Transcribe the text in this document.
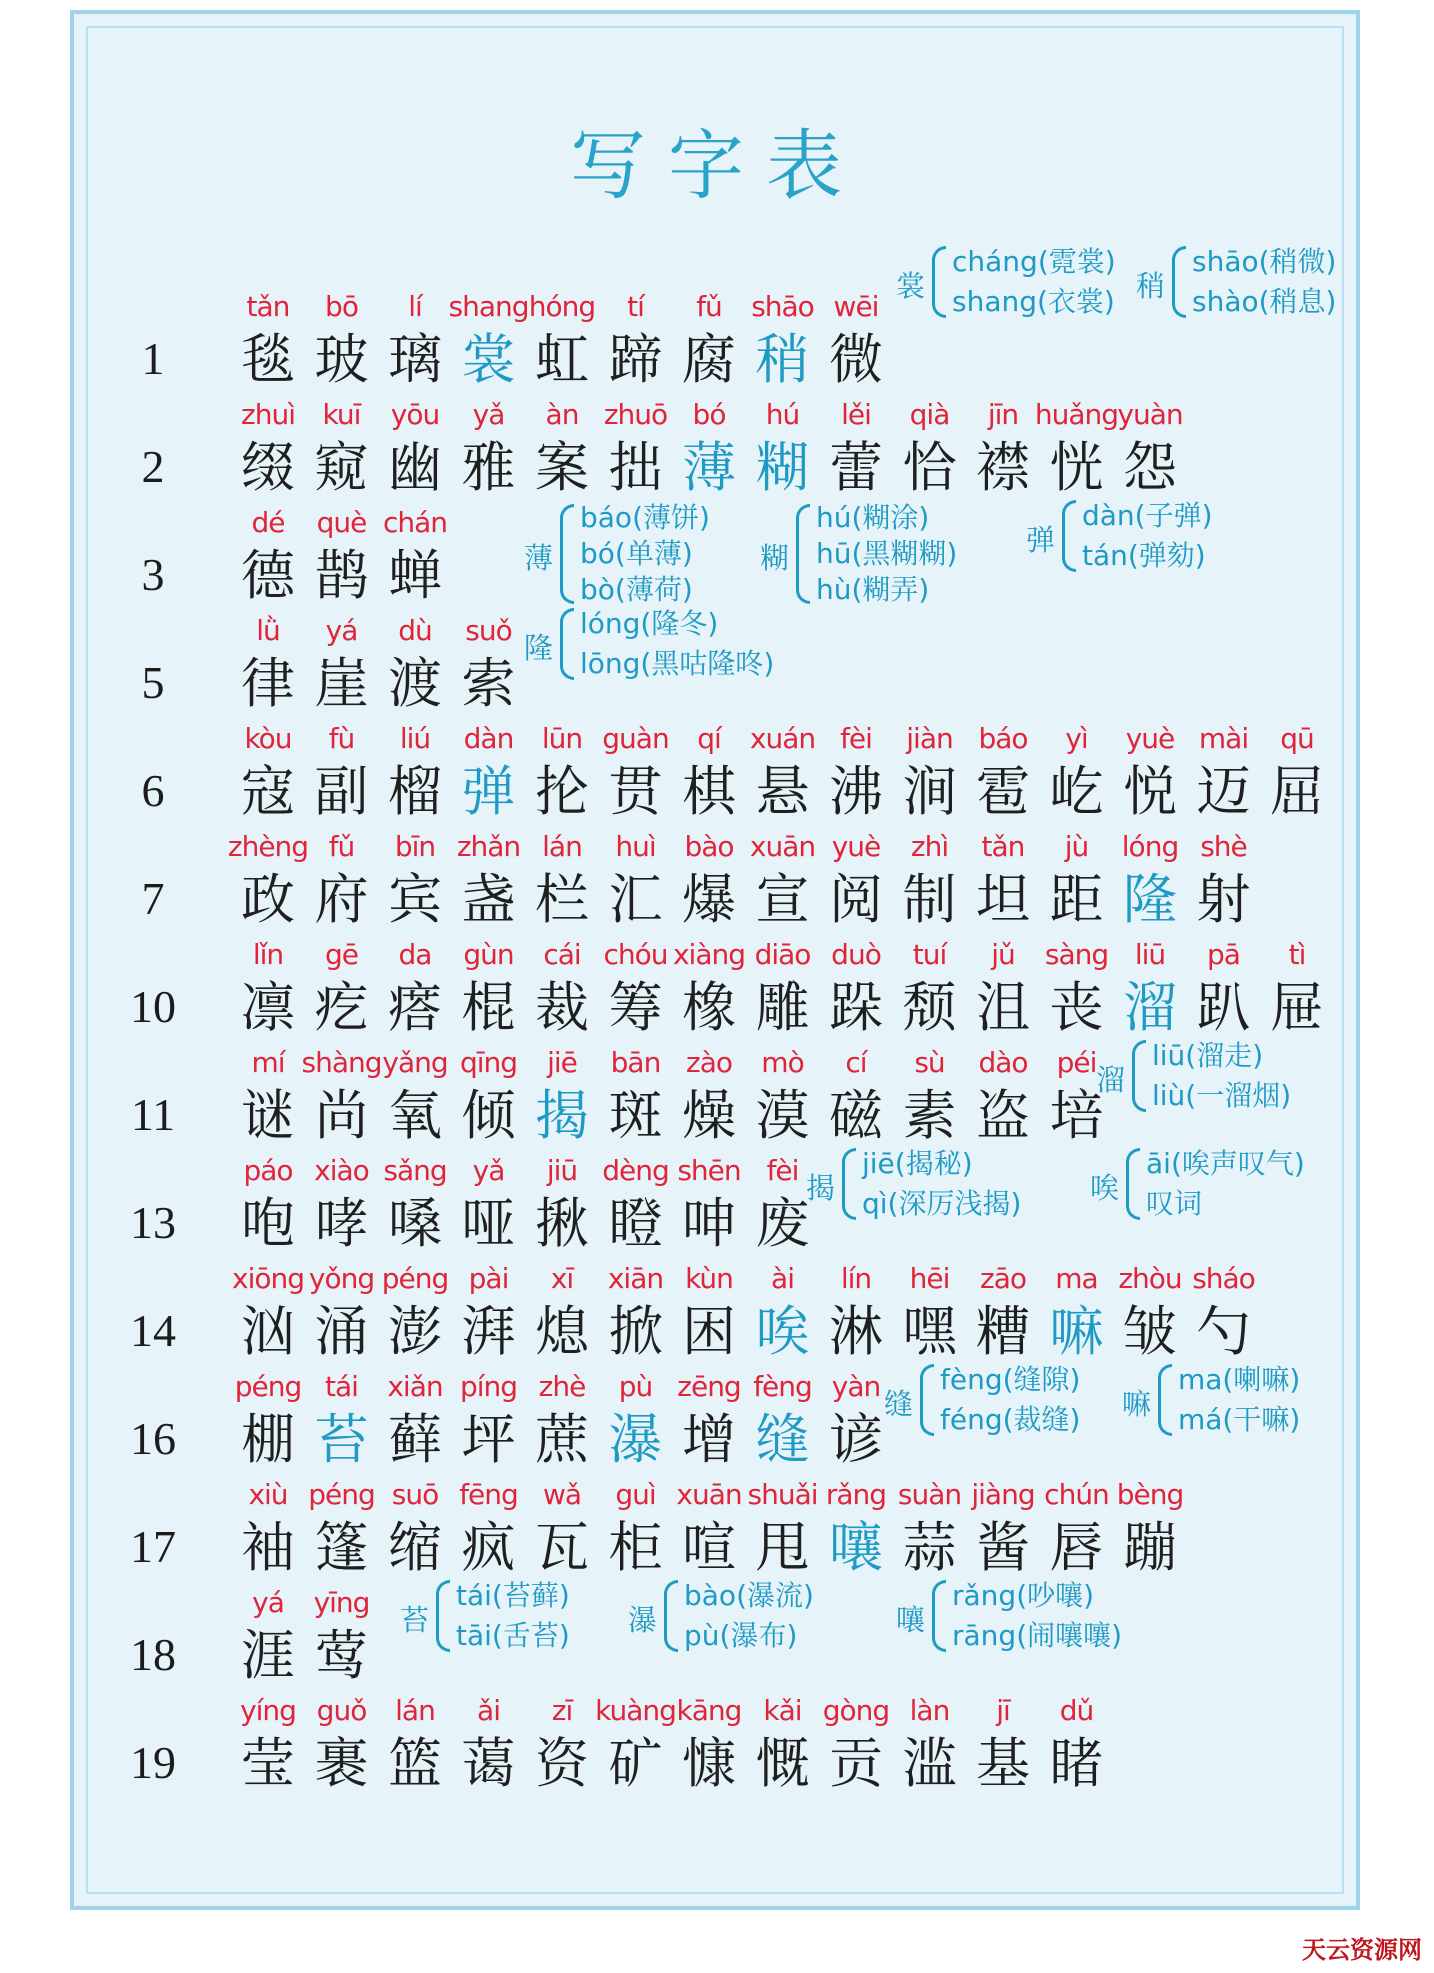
写字表
1
tǎn
毯
bō
玻
lí
璃
shang
裳
hóng
虹
tí
蹄
fǔ
腐
shāo
稍
wēi
微
裳
cháng(霓裳)
shang(衣裳) 稍
shāo(稍微)
shào(稍息)
2
zhuì
缀
kuī
窥
yōu
幽
yǎ
雅
àn
案
zhuō
拙
bó
薄
hú
糊
lěi
蕾
qià
恰
jīn
襟
huǎng
恍
yuàn
怨
3
dé
德
què
鹊
chán
蝉	薄
báo(薄饼)
bó(单薄)
bò(薄荷)
糊
hú(糊涂)
hū(黑糊糊)
hù(糊弄)
弹
dàn(子弹)
tán(弹劾)
5
lǜ
律
yá
崖
dù
渡
suǒ
索
隆
lóng(隆冬)
lōng(黑咕隆咚)
6
kòu
寇
fù
副
liú
榴
dàn
弹
lūn
抡
guàn
贯
qí
棋
xuán
悬
fèi
沸
jiàn
涧
báo
雹
yì
屹
yuè
悦
mài
迈
qū
屈
7
zhèng
政
fǔ
府
bīn
宾
zhǎn
盏
lán
栏
huì
汇
bào
爆
xuān
宣
yuè
阅
zhì
制
tǎn
坦
jù
距
lóng
隆
shè
射
10
lǐn
凛
gē
疙
da
瘩
gùn
棍
cái
裁
chóu
筹
xiàng
橡
diāo
雕
duò
跺
tuí
颓
jǔ
沮
sàng
丧
liū
溜
pā
趴
tì
屉
11
mí
谜
shàng
尚
yǎng
氧
qīng
倾
jiē
揭
bān
斑
zào
燥
mò
漠
cí
磁
sù
素
dào
盗
péi
培
溜
liū(溜走)
liù(一溜烟)
13
páo
咆
xiào
哮
sǎng
嗓
yǎ
哑
jiū
揪
dèng
瞪
shēn
呻
fèi
废
揭
jiē(揭秘)
qì(深厉浅揭) 唉
āi(唉声叹气)
叹词
14
xiōng
汹
yǒng
涌
péng
澎
pài
湃
xī
熄
xiān
掀
kùn
困
ài
唉
lín
淋
hēi
嘿
zāo
糟
ma
嘛
zhòu
皱
sháo
勺
16
péng
棚
tái
苔
xiǎn
藓
píng
坪
zhè
蔗
pù
瀑
zēng
增
fèng
缝
yàn
谚
缝
fèng(缝隙)
féng(裁缝) 嘛
ma(喇嘛)
má(干嘛)
17
xiù
袖
péng
篷
suō
缩
fēng
疯
wǎ
瓦
guì
柜
xuān
喧
shuǎi
甩
rǎng
嚷
suàn
蒜
jiàng
酱
chún
唇
bèng
蹦
18
yá
涯
yīng
莺
苔
tái(苔藓)
tāi(舌苔) 瀑
bào(瀑流)
pù(瀑布)	嚷
rǎng(吵嚷)
rāng(闹嚷嚷)
19
yíng
莹
guǒ
裹
lán
篮
ǎi
蔼
zī
资
kuàng
矿
kāng
慷
kǎi
慨
gòng
贡
làn
滥
jī
基
dǔ
睹
天云资源网
